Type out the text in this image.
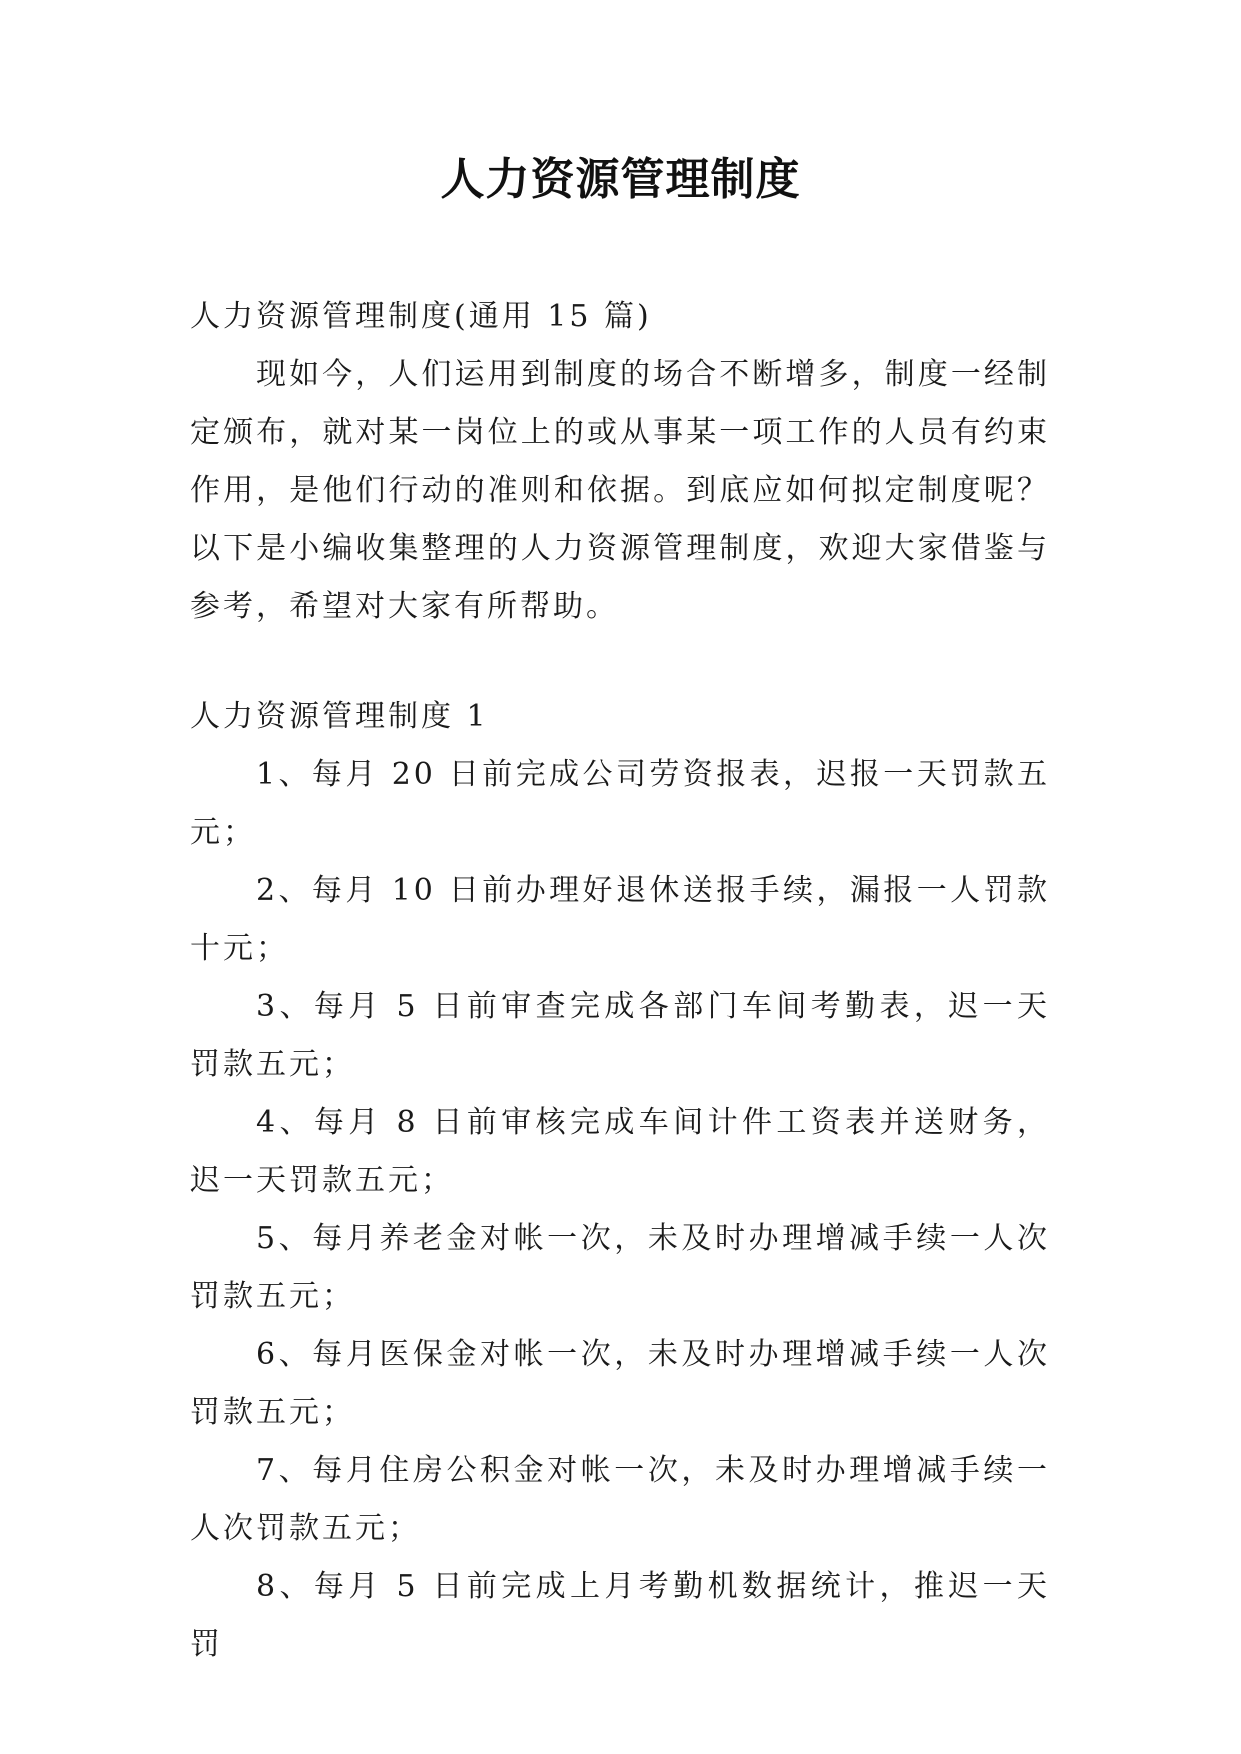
人力资源管理制度
人力资源管理制度(通用 15 篇)
现如今，人们运用到制度的场合不断增多，制度一经制定颁布，就对某一岗位上的或从事某一项工作的人员有约束作用，是他们行动的准则和依据。到底应如何拟定制度呢？以下是小编收集整理的人力资源管理制度，欢迎大家借鉴与参考，希望对大家有所帮助。
人力资源管理制度 1
1、每月 20 日前完成公司劳资报表，迟报一天罚款五元；
2、每月 10 日前办理好退休送报手续，漏报一人罚款十元；
3、每月 5 日前审查完成各部门车间考勤表，迟一天罚款五元；
4、每月 8 日前审核完成车间计件工资表并送财务，迟一天罚款五元；
5、每月养老金对帐一次，未及时办理增减手续一人次罚款五元；
6、每月医保金对帐一次，未及时办理增减手续一人次罚款五元；
7、每月住房公积金对帐一次，未及时办理增减手续一人次罚款五元；
8、每月 5 日前完成上月考勤机数据统计，推迟一天罚
